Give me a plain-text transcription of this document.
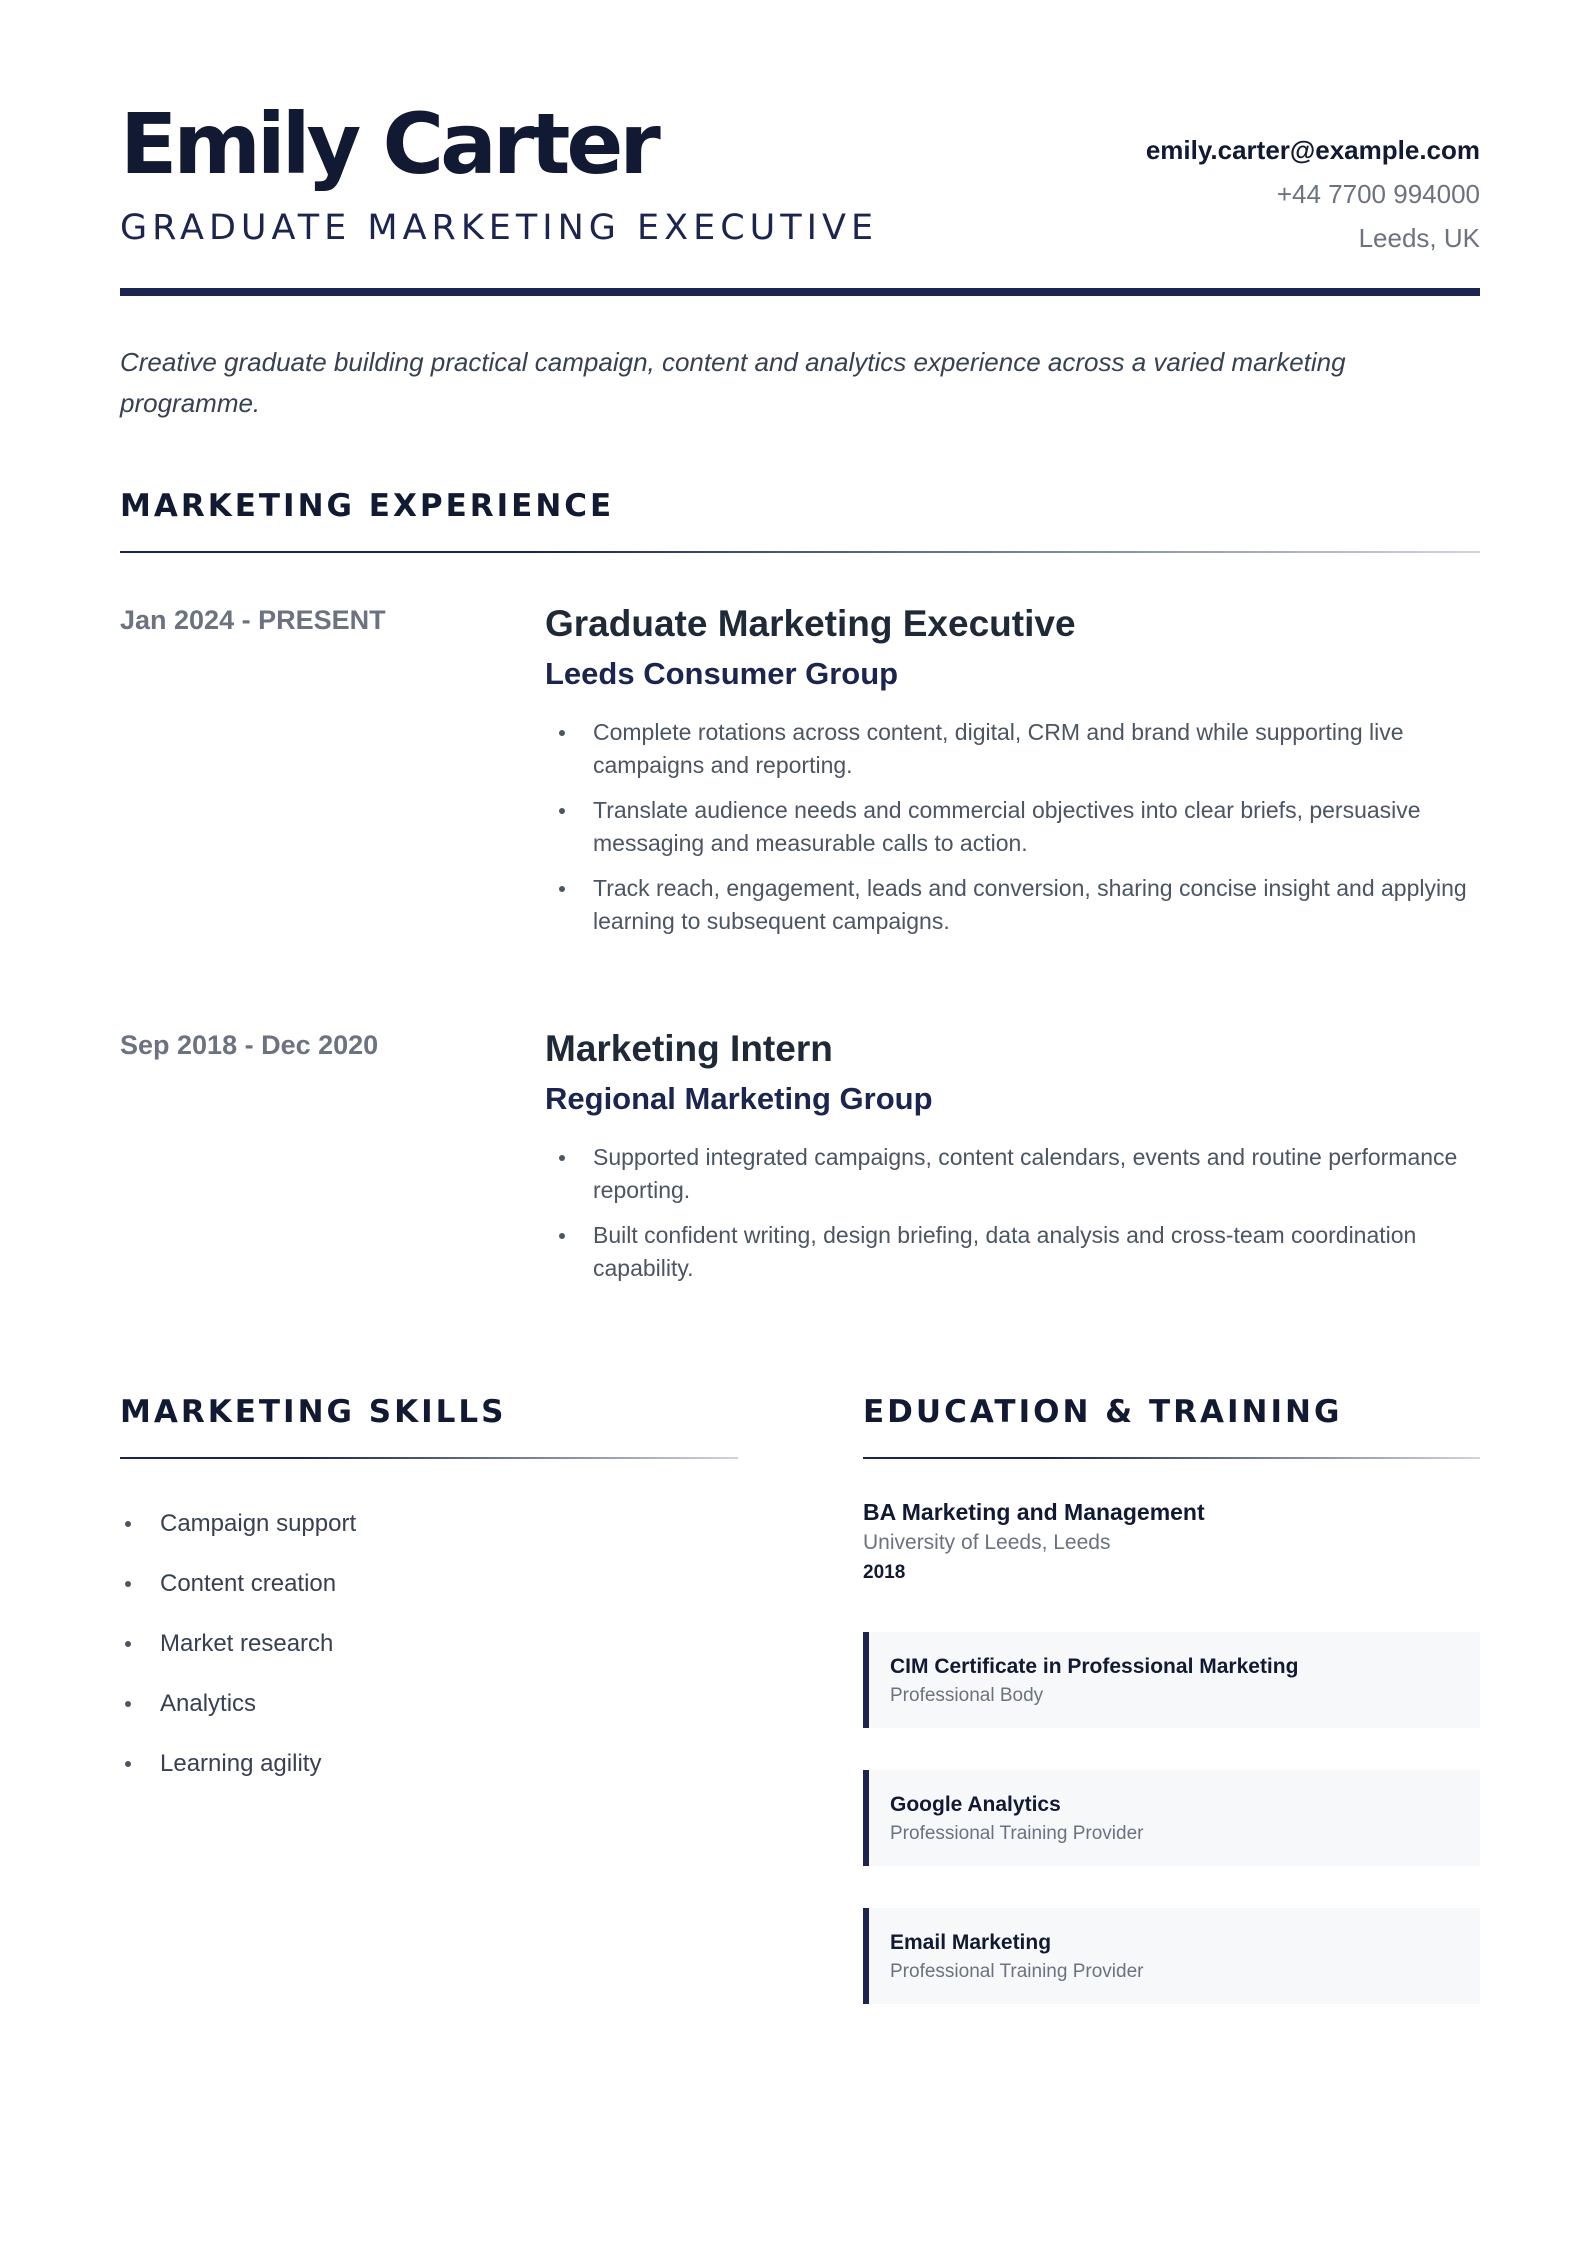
Emily Carter
GRADUATE MARKETING EXECUTIVE
emily.carter@example.com
+44 7700 994000
Leeds, UK

Creative graduate building practical campaign, content and analytics experience across a varied marketing programme.

MARKETING EXPERIENCE
Jan 2024 - PRESENT	Graduate Marketing Executive
Leeds Consumer Group
Complete rotations across content, digital, CRM and brand while supporting live campaigns and reporting.
Translate audience needs and commercial objectives into clear briefs, persuasive messaging and measurable calls to action.
Track reach, engagement, leads and conversion, sharing concise insight and applying learning to subsequent campaigns.
Sep 2018 - Dec 2020	Marketing Intern
Regional Marketing Group
Supported integrated campaigns, content calendars, events and routine performance reporting.
Built confident writing, design briefing, data analysis and cross-team coordination capability.
MARKETING SKILLS
Campaign support
Content creation
Market research
Analytics
Learning agility
EDUCATION & TRAINING
BA Marketing and Management
University of Leeds, Leeds
2018
CIM Certificate in Professional Marketing
Professional Body
Google Analytics
Professional Training Provider
Email Marketing
Professional Training Provider
